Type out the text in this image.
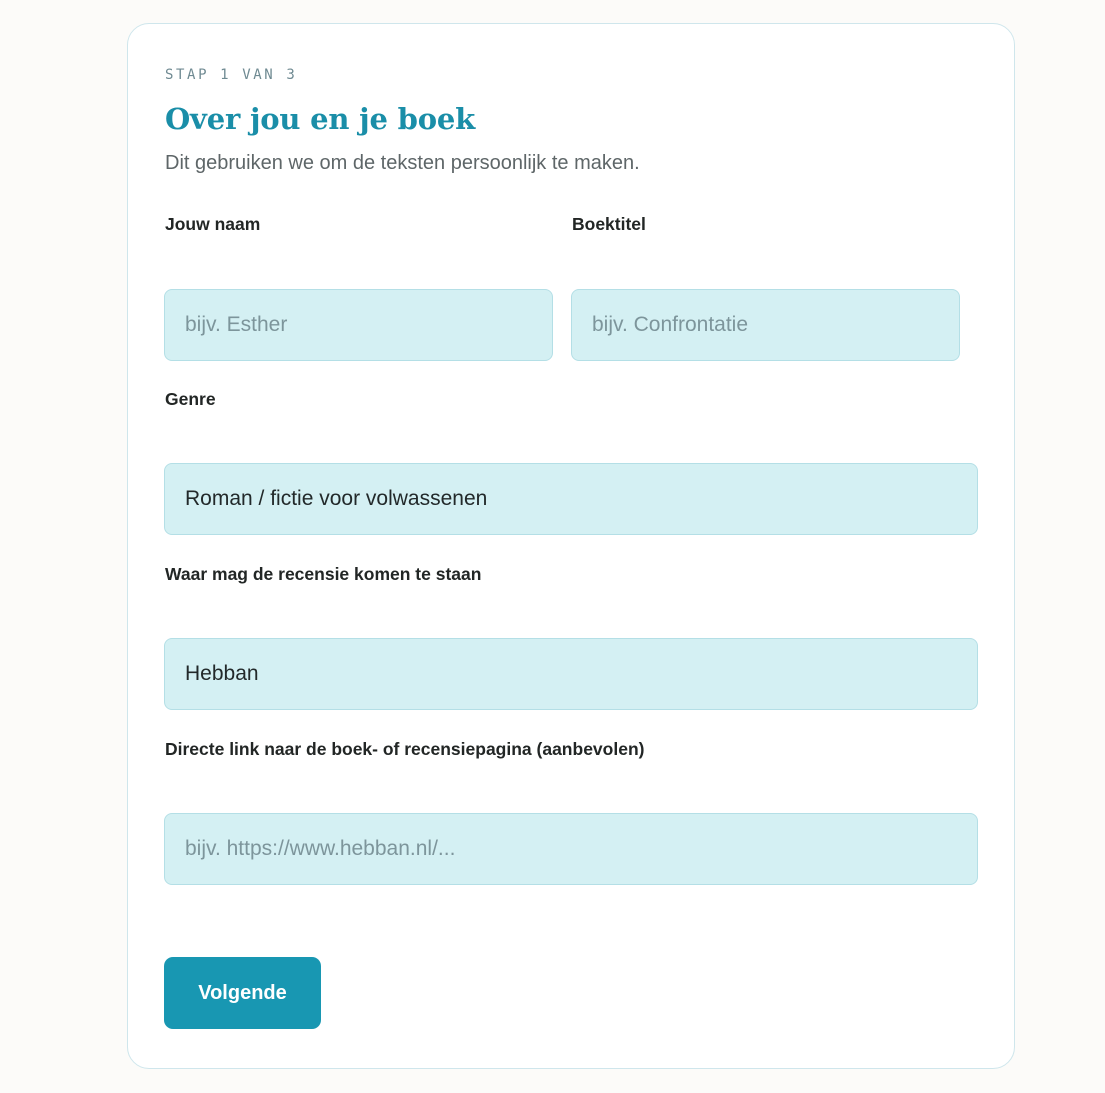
STAP 1 VAN 3
Over jou en je boek

Dit gebruiken we om de teksten persoonlijk te maken.

Jouw naam
bijv. Esther	Boektitel
bijv. Confrontatie
Genre
Roman / fictie voor volwassenen
Waar mag de recensie komen te staan
Hebban
Directe link naar de boek- of recensiepagina (aanbevolen)
bijv. https://www.hebban.nl/...
Volgende
